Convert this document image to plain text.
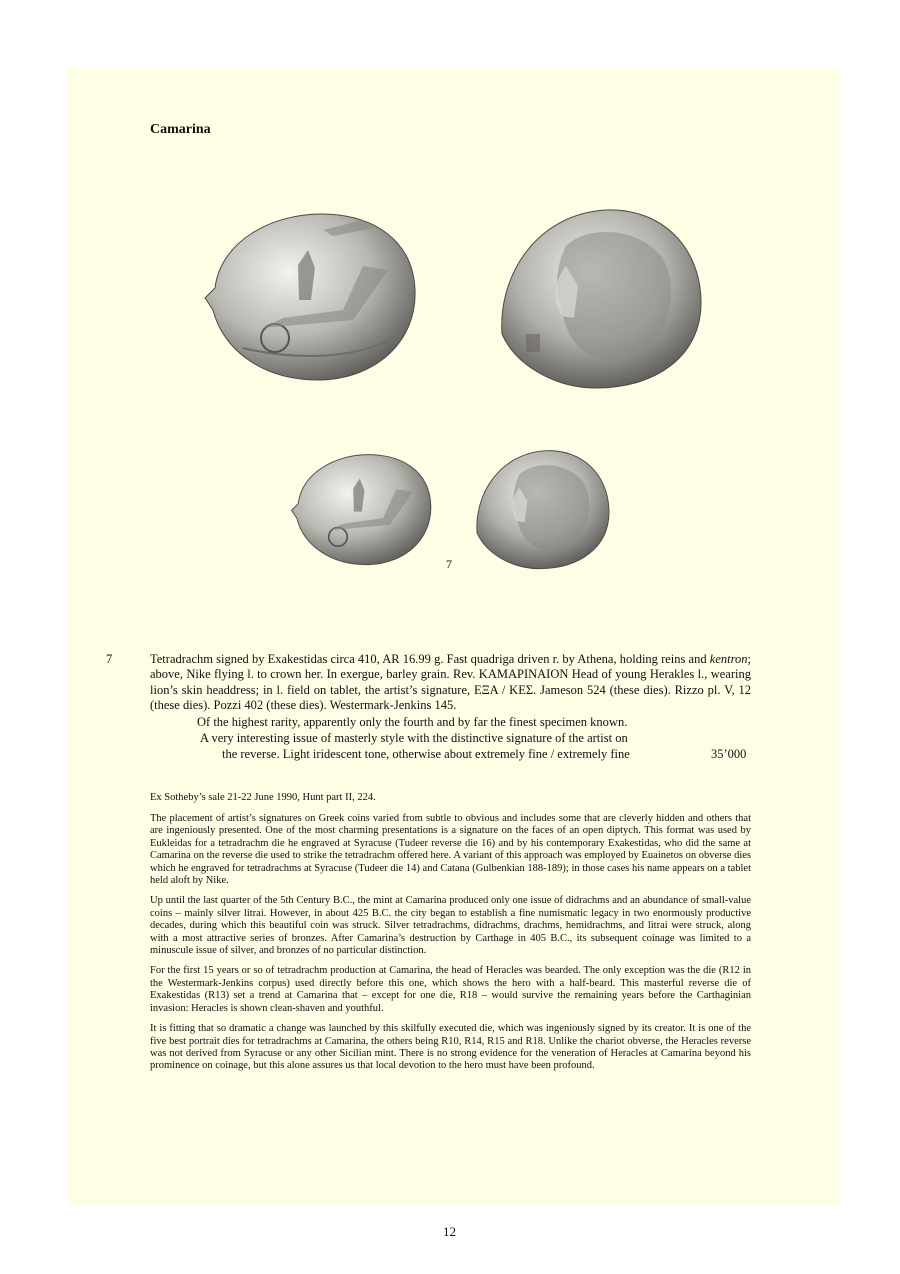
Camarina
7
7	Tetradrachm signed by Exakestidas circa 410, AR 16.99 g. Fast quadriga driven r. by Athena, holding reins and kentron; above, Nike flying l. to crown her. In exergue, barley grain. Rev. ΚΑΜΑΡΙΝΑΙΟΝ Head of young Herakles l., wearing lion’s skin headdress; in l. field on tablet, the artist’s signature, ΕΞΑ / ΚΕΣ. Jameson 524 (these dies). Rizzo pl. V, 12 (these dies). Pozzi 402 (these dies). Westermark-Jenkins 145.

Of the highest rarity, apparently only the fourth and by far the finest specimen known.
A very interesting issue of masterly style with the distinctive signature of the artist on
the reverse. Light iridescent tone, otherwise about extremely fine / extremely fine	35’000
Ex Sotheby’s sale 21-22 June 1990, Hunt part II, 224.

The placement of artist’s signatures on Greek coins varied from subtle to obvious and includes some that are cleverly hidden and others that are ingeniously presented. One of the most charming presentations is a signature on the faces of an open diptych. This format was used by Eukleidas for a tetradrachm die he engraved at Syracuse (Tudeer reverse die 16) and by his contemporary Exakestidas, who did the same at Camarina on the reverse die used to strike the tetradrachm offered here. A variant of this approach was employed by Euainetos on obverse dies which he engraved for tetradrachms at Syracuse (Tudeer die 14) and Catana (Gulbenkian 188-189); in those cases his name appears on a tablet held aloft by Nike.

Up until the last quarter of the 5th Century B.C., the mint at Camarina produced only one issue of didrachms and an abundance of small-value coins – mainly silver litrai. However, in about 425 B.C. the city began to establish a fine numismatic legacy in two enormously productive decades, during which this beautiful coin was struck. Silver tetradrachms, didrachms, drachms, hemidrachms, and litrai were struck, along with a most attractive series of bronzes. After Camarina’s destruction by Carthage in 405 B.C., its subsequent coinage was limited to a minuscule issue of silver, and bronzes of no particular distinction.

For the first 15 years or so of tetradrachm production at Camarina, the head of Heracles was bearded. The only exception was the die (R12 in the Westermark-Jenkins corpus) used directly before this one, which shows the hero with a half-beard. This masterful reverse die of Exakestidas (R13) set a trend at Camarina that – except for one die, R18 – would survive the remaining years before the Carthaginian invasion: Heracles is shown clean-shaven and youthful.

It is fitting that so dramatic a change was launched by this skilfully executed die, which was ingeniously signed by its creator. It is one of the five best portrait dies for tetradrachms at Camarina, the others being R10, R14, R15 and R18. Unlike the chariot obverse, the Heracles reverse was not derived from Syracuse or any other Sicilian mint. There is no strong evidence for the veneration of Heracles at Camarina beyond his prominence on coinage, but this alone assures us that local devotion to the hero must have been profound.

12
